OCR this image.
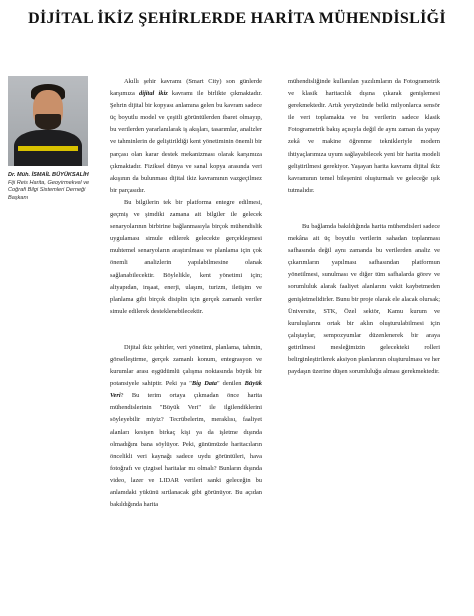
DİJİTAL İKİZ ŞEHİRLERDE HARİTA MÜHENDİSLİĞİ
Dr. Müh. İSMAİL BÜYÜKSALİH
Fiji Reis Harita, Geoyirmekvel ve Coğrafi Bilgi Sistemleri Derneği Başkanı

Akıllı şehir kavramı (Smart City) son günlerde karşımıza dijital ikiz kavramı ile birlikte çıkmaktadır. Şehrin dijital bir kopyası anlamına gelen bu kavram sadece üç boyutlu model ve çeşitli görüntülerden ibaret olmayıp, bu verilerden yararlanılarak iş akışları, tasarımlar, analizler ve tahminlerin de geliştirildiği kent yönetiminin önemli bir parçası olan karar destek mekanizması olarak karşımıza çıkmaktadır. Fiziksel dünya ve sanal kopya arasında veri akışının da bulunması dijital ikiz kavramının vazgeçilmez bir parçasıdır.

Bu bilgilerin tek bir platforma entegre edilmesi, geçmiş ve şimdiki zamana ait bilgiler ile gelecek senaryolarının birbirine bağlanmasıyla birçok mühendislik uygulaması simule edilerek gelecekte gerçekleşmesi muhtemel senaryoların araştırılması ve planlama için çok önemli analizlerin yapılabilmesine olanak sağlanabilecektir. Böylelikle, kent yönetimi için; altyapıdan, inşaat, enerji, ulaşım, turizm, iletişim ve planlama gibi birçok disiplin için gerçek zamanlı veriler simule edilerek desteklenebilecektir.

Dijital ikiz şehirler, veri yönetimi, planlama, tahmin, görselleştirme, gerçek zamanlı konum, entegrasyon ve kurumlar arası eşgüdümlü çalışma noktasında büyük bir potansiyele sahiptir. Peki ya "Big Data" denilen Büyük Veri? Bu terim ortaya çıkmadan önce harita mühendislerinin "Büyük Veri" ile ilgilendiklerini söyleyebilir miyiz? Tecrübelerim, meraklısı, faaliyet alanları kesişen birkaç kişi ya da işletme dışında olmadığını bana söylüyor. Peki, günümüzde haritacıların öncelikli veri kaynağı sadece uydu görüntüleri, hava fotoğrafı ve çizgisel haritalar mı olmalı? Bunların dışında video, lazer ve LIDAR verileri sanki geleceğin bu anlamdaki yükünü sırtlanacak gibi görünüyor. Bu açıdan bakıldığında harita

mühendisliğinde kullanılan yazılımların da Fotogrametrik ve klasik haritacılık dışına çıkarak genişlemesi gerekmektedir. Artık yeryüzünde belki milyonlarca sensör ile veri toplamakta ve bu verilerin sadece klasik Fotogrametrik bakış açısıyla değil de aynı zaman da yapay zekâ ve makine öğrenme teknikleriyle modern ihtiyaçlarımıza uyum sağlayabilecek yeni bir harita modeli geliştirilmesi gerekiyor. Yaşayan harita kavramı dijital ikiz kavramının temel bileşenini oluşturmalı ve geleceğe ışık tutmalıdır.

Bu bağlamda bakıldığında harita mühendisleri sadece mekâna ait üç boyutlu verilerin sahadan toplanması safhasında değil aynı zamanda bu verilerden analiz ve çıkarımların yapılması safhasından platformun yönetilmesi, sunulması ve diğer tüm safhalarda görev ve sorumluluk alarak faaliyet alanlarını vakit kaybetmeden genişletmelidirler. Bunu bir proje olarak ele alacak olursak; Üniversite, STK, Özel sektör, Kamu kurum ve kuruluşlarını ortak bir aklın oluşturulabilmesi için çalıştaylar, sempozyumlar düzenlenerek bir araya getirilmesi mesleğimizin gelecekteki rolleri belirginleştirilerek aksiyon planlarının oluşturulması ve her paydaşın üzerine düşen sorumluluğu alması gerekmektedir.
